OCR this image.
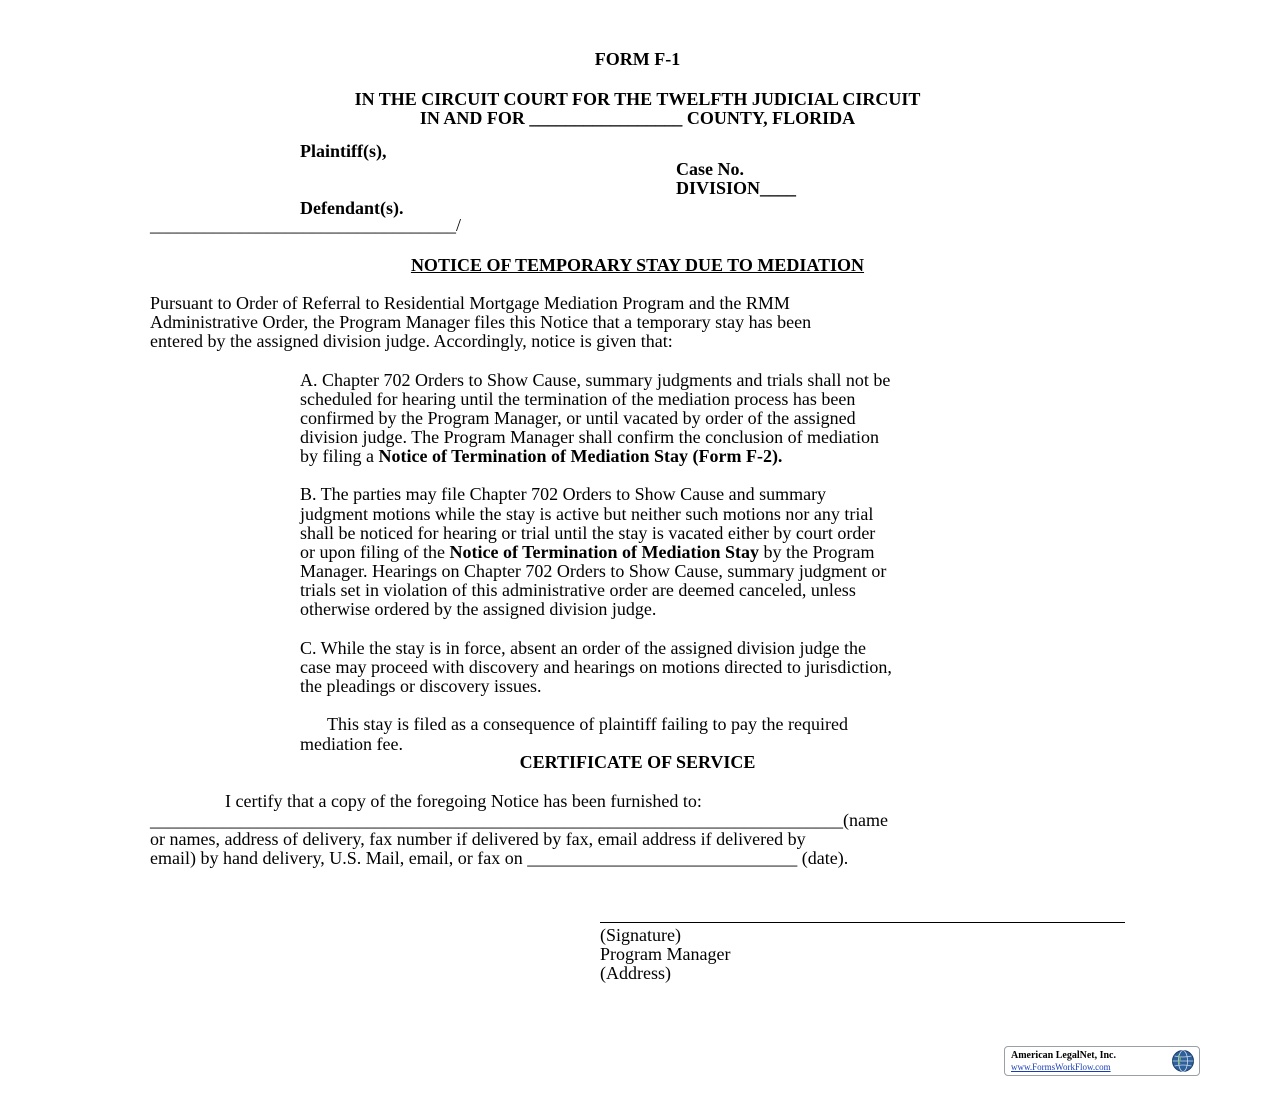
FORM F-1
IN THE CIRCUIT COURT FOR THE TWELFTH JUDICIAL CIRCUIT
IN AND FOR _________________ COUNTY, FLORIDA
Plaintiff(s),
Case No.
DIVISION____
Defendant(s).
__________________________________/
NOTICE OF TEMPORARY STAY DUE TO MEDIATION
Pursuant to Order of Referral to Residential Mortgage Mediation Program and the RMM
Administrative Order, the Program Manager files this Notice that a temporary stay has been
entered by the assigned division judge. Accordingly, notice is given that:
A. Chapter 702 Orders to Show Cause, summary judgments and trials shall not be
scheduled for hearing until the termination of the mediation process has been
confirmed by the Program Manager, or until vacated by order of the assigned
division judge. The Program Manager shall confirm the conclusion of mediation
by filing a Notice of Termination of Mediation Stay (Form F-2).
B. The parties may file Chapter 702 Orders to Show Cause and summary
judgment motions while the stay is active but neither such motions nor any trial
shall be noticed for hearing or trial until the stay is vacated either by court order
or upon filing of the Notice of Termination of Mediation Stay by the Program
Manager. Hearings on Chapter 702 Orders to Show Cause, summary judgment or
trials set in violation of this administrative order are deemed canceled, unless
otherwise ordered by the assigned division judge.
C. While the stay is in force, absent an order of the assigned division judge the
case may proceed with discovery and hearings on motions directed to jurisdiction,
the pleadings or discovery issues.
This stay is filed as a consequence of plaintiff failing to pay the required
mediation fee.
CERTIFICATE OF SERVICE
I certify that a copy of the foregoing Notice has been furnished to:
_____________________________________________________________________________(name
or names, address of delivery, fax number if delivered by fax, email address if delivered by
email) by hand delivery, U.S. Mail, email, or fax on ______________________________ (date).
(Signature)
Program Manager
(Address)
American LegalNet, Inc.
www.FormsWorkFlow.com
